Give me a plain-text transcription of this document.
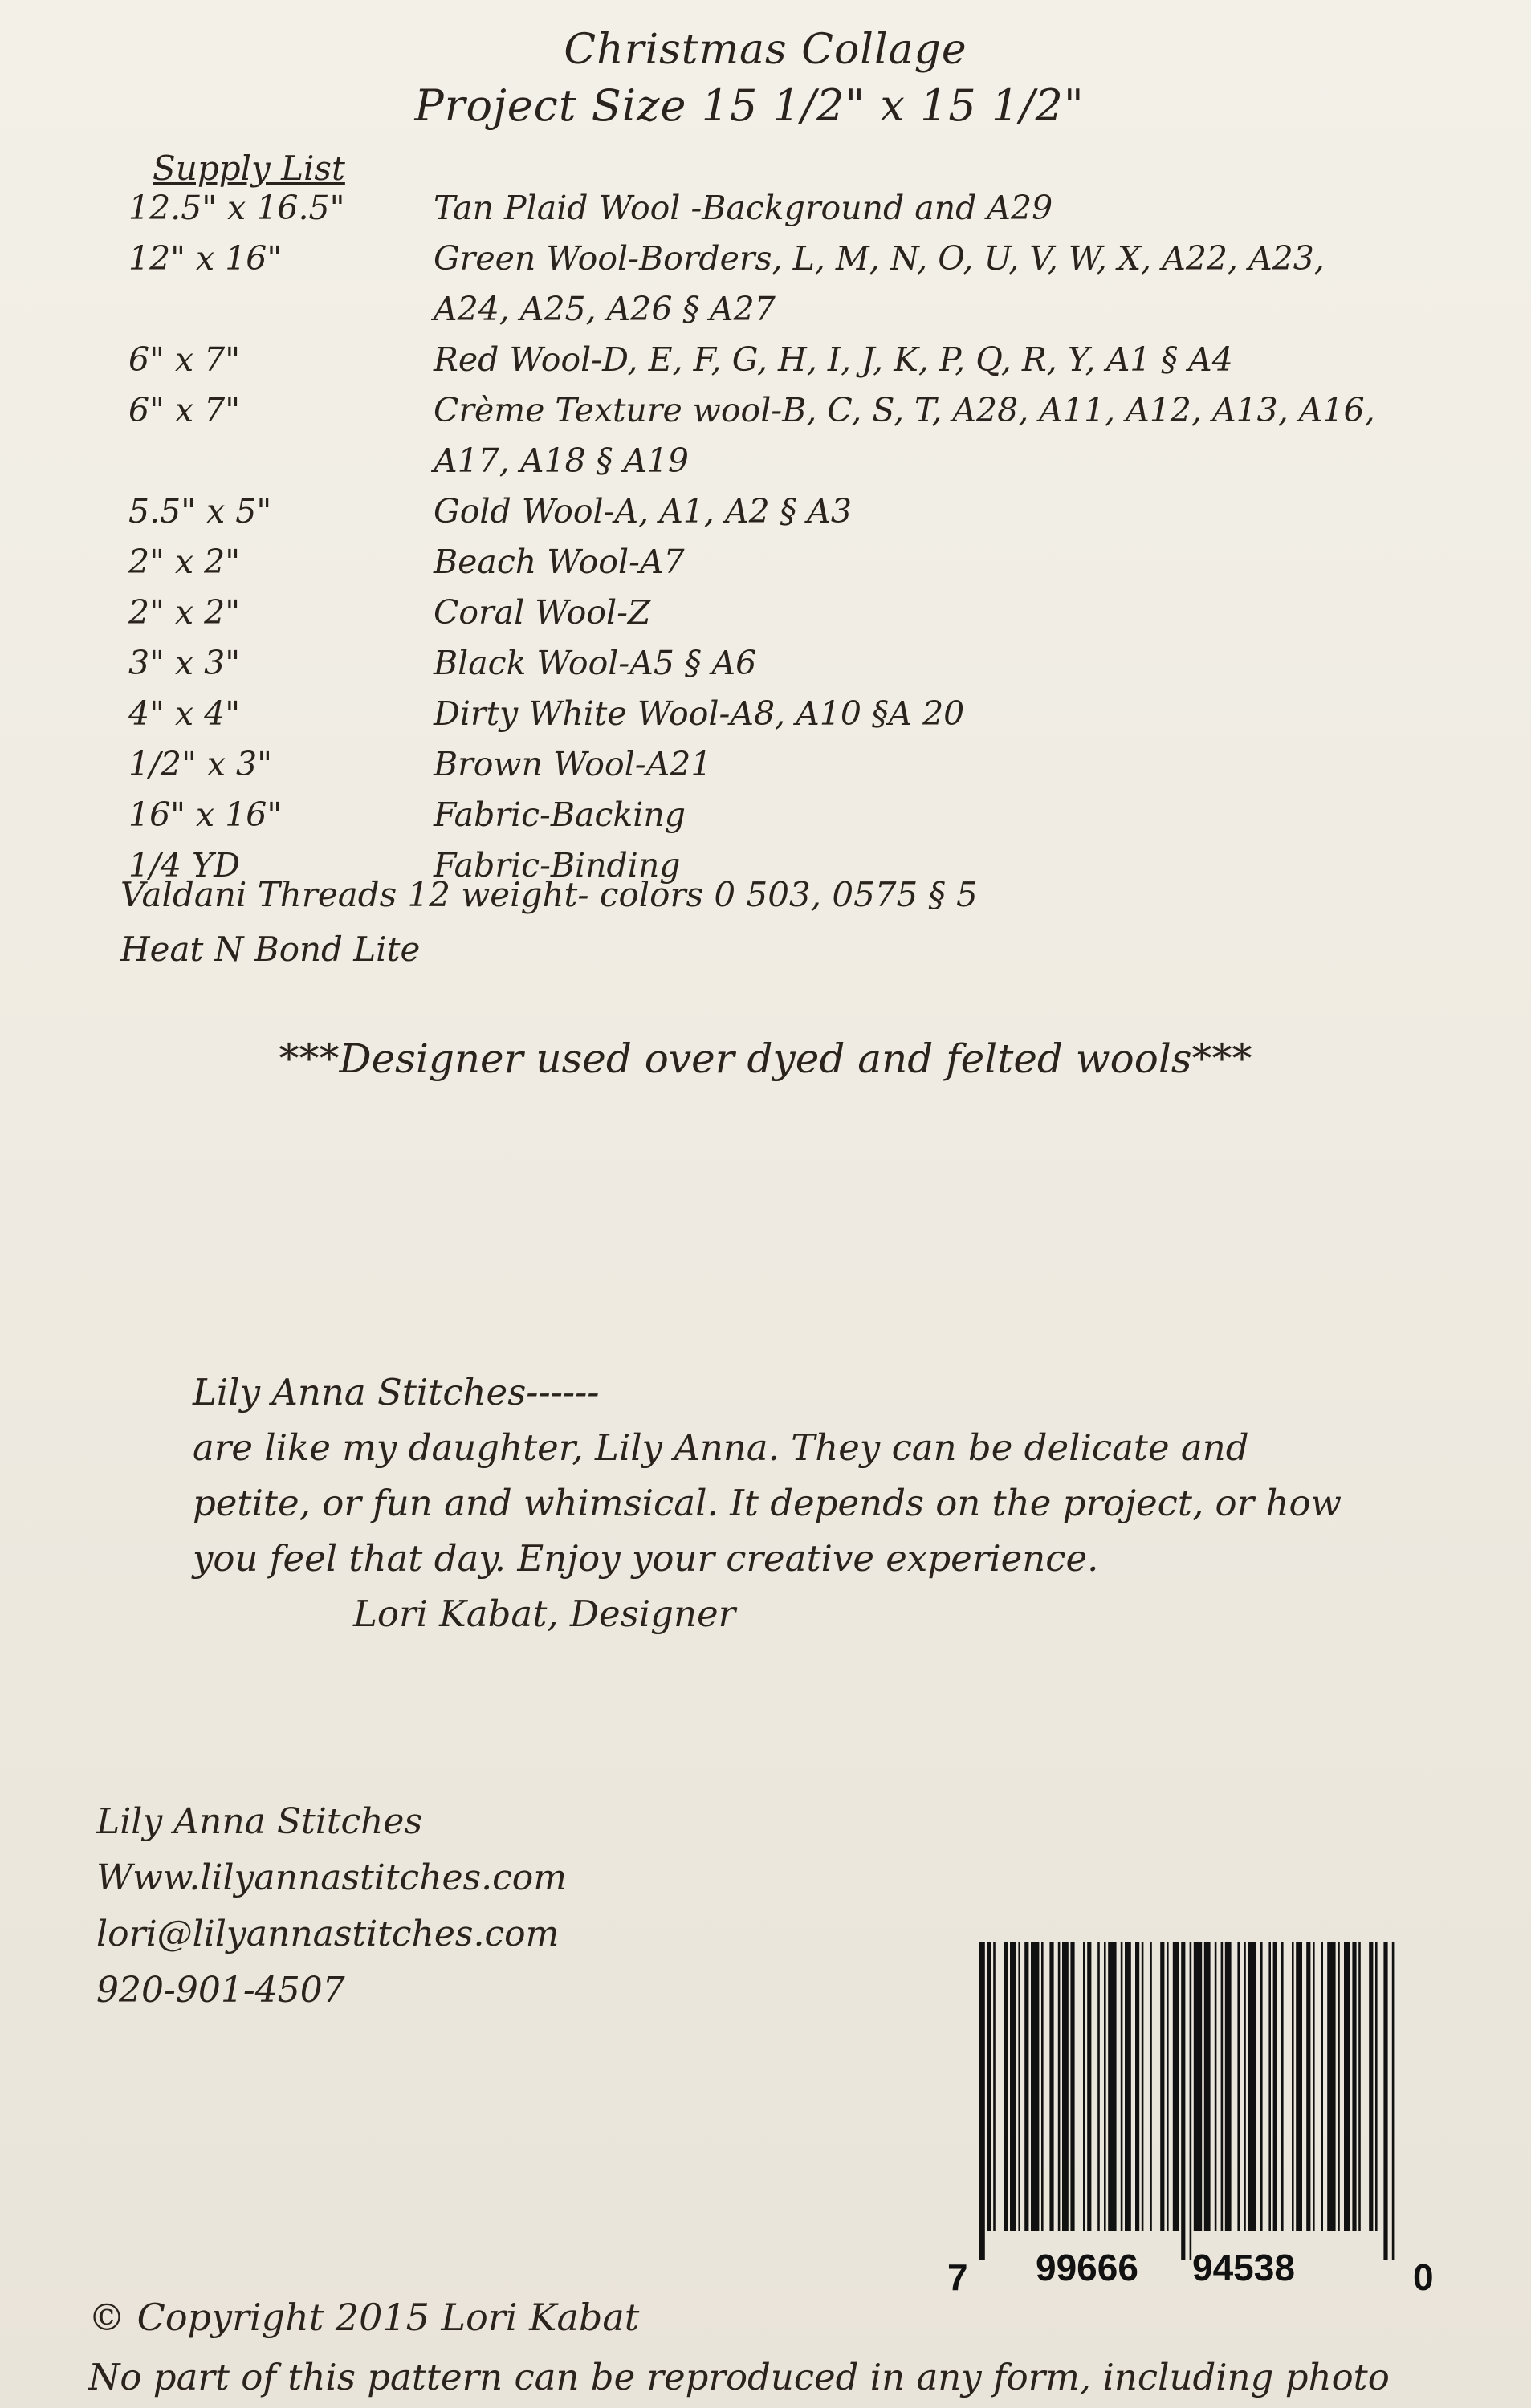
Christmas Collage
Project Size 15 1/2" x 15 1/2"
Supply List
12.5" x 16.5"	Tan Plaid Wool -Background and A29
12" x 16"	Green Wool-Borders, L, M, N, O, U, V, W, X, A22, A23,
A24, A25, A26 § A27
6" x 7"	Red Wool-D, E, F, G, H, I, J, K, P, Q, R, Y, A1 § A4
6" x 7"	Crème Texture wool-B, C, S, T, A28, A11, A12, A13, A16,
A17, A18 § A19
5.5" x 5"	Gold Wool-A, A1, A2 § A3
2" x 2"	Beach Wool-A7
2" x 2"	Coral Wool-Z
3" x 3"	Black Wool-A5 § A6
4" x 4"	Dirty White Wool-A8, A10 §A 20
1/2" x 3"	Brown Wool-A21
16" x 16"	Fabric-Backing
1/4 YD	Fabric-Binding
Valdani Threads 12 weight- colors 0 503, 0575 § 5
Heat N Bond Lite
***Designer used over dyed and felted wools***
Lily Anna Stitches------
are like my daughter, Lily Anna. They can be delicate and
petite, or fun and whimsical. It depends on the project, or how
you feel that day. Enjoy your creative experience.
Lori Kabat, Designer
Lily Anna Stitches
Www.lilyannastitches.com
lori@lilyannastitches.com
920-901-4507
7 99666 94538	0
© Copyright 2015 Lori Kabat
No part of this pattern can be reproduced in any form, including photo
